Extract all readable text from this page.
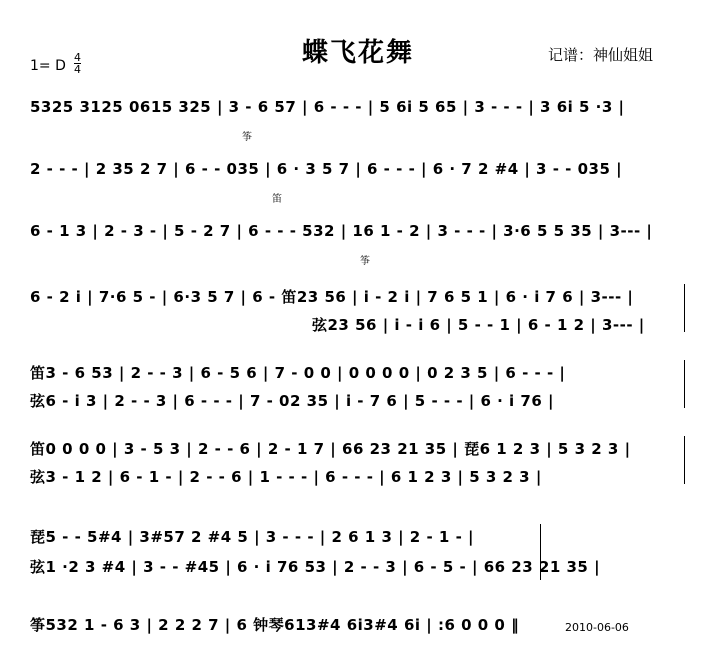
蝶飞花舞	记谱：神仙姐姐
1= D
4
4
5325 3125 0615 325 | 3 - 6 57 | 6 - - - | 5 6i 5 65 | 3 - - - | 3 6i 5 ·3 |
筝
2 - - - | 2 35 2 7 | 6 - - 035 | 6 · 3 5 7 | 6 - - - | 6 · 7 2 #4 | 3 - - 035 |
笛
6 - 1 3 | 2 - 3 - | 5 - 2 7 | 6 - - - 532 | 16 1 - 2 | 3 - - - | 3·6 5 5 35 | 3--- |
筝
6 - 2 i | 7·6 5 - | 6·3 5 7 | 6 - 笛23 56 | i - 2 i | 7 6 5 1 | 6 · i 7 6 | 3--- |
弦23 56 | i - i 6 | 5 - - 1 | 6 - 1 2 | 3--- |
笛3 - 6 53 | 2 - - 3 | 6 - 5 6 | 7 - 0 0 | 0 0 0 0 | 0 2 3 5 | 6 - - - |
弦6 - i 3 | 2 - - 3 | 6 - - - | 7 - 02 35 | i - 7 6 | 5 - - - | 6 · i 76 |
笛0 0 0 0 | 3 - 5 3 | 2 - - 6 | 2 - 1 7 | 66 23 21 35 | 琵6 1 2 3 | 5 3 2 3 |
弦3 - 1 2 | 6 - 1 - | 2 - - 6 | 1 - - - | 6 - - - | 6 1 2 3 | 5 3 2 3 |
琵5 - - 5#4 | 3#57 2 #4 5 | 3 - - - | 2 6 1 3 | 2 - 1 - |
弦1 ·2 3 #4 | 3 - - #45 | 6 · i 76 53 | 2 - - 3 | 6 - 5 - | 66 23 21 35 |
筝532 1 - 6 3 | 2 2 2 7 | 6 钟琴613#4 6i3#4 6i | :6 0 0 0 ‖	2010-06-06
